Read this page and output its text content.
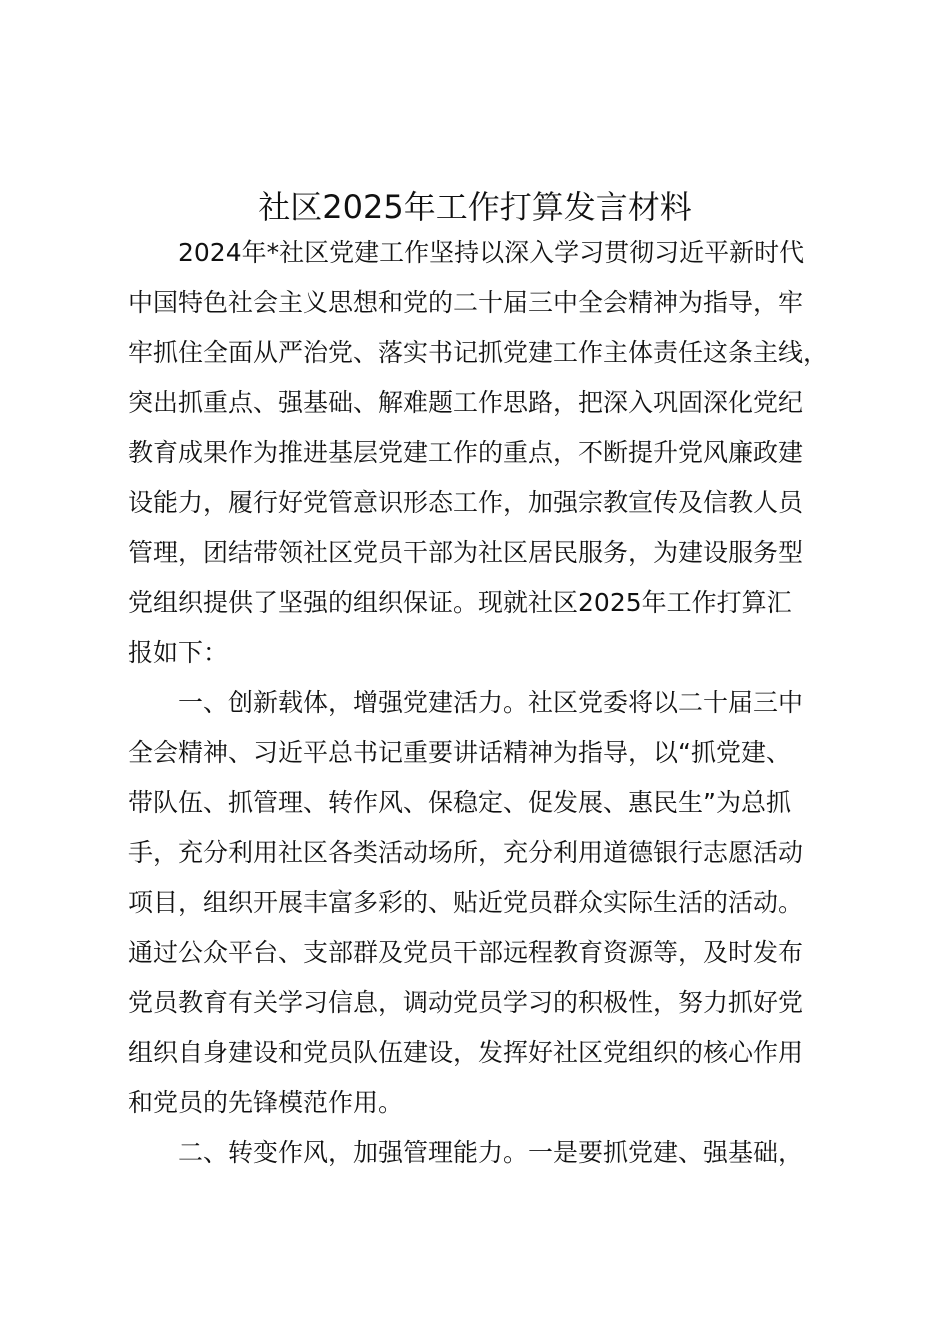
社区2025年工作打算发言材料
2024年*社区党建工作坚持以深入学习贯彻习近平新时代
中国特色社会主义思想和党的二十届三中全会精神为指导，牢
牢抓住全面从严治党、落实书记抓党建工作主体责任这条主线，
突出抓重点、强基础、解难题工作思路，把深入巩固深化党纪
教育成果作为推进基层党建工作的重点，不断提升党风廉政建
设能力，履行好党管意识形态工作，加强宗教宣传及信教人员
管理，团结带领社区党员干部为社区居民服务，为建设服务型
党组织提供了坚强的组织保证。现就社区2025年工作打算汇
报如下：
一、创新载体，增强党建活力。社区党委将以二十届三中
全会精神、习近平总书记重要讲话精神为指导，以“抓党建、
带队伍、抓管理、转作风、保稳定、促发展、惠民生”为总抓
手，充分利用社区各类活动场所，充分利用道德银行志愿活动
项目，组织开展丰富多彩的、贴近党员群众实际生活的活动。
通过公众平台、支部群及党员干部远程教育资源等，及时发布
党员教育有关学习信息，调动党员学习的积极性，努力抓好党
组织自身建设和党员队伍建设，发挥好社区党组织的核心作用
和党员的先锋模范作用。
二、转变作风，加强管理能力。一是要抓党建、强基础，
